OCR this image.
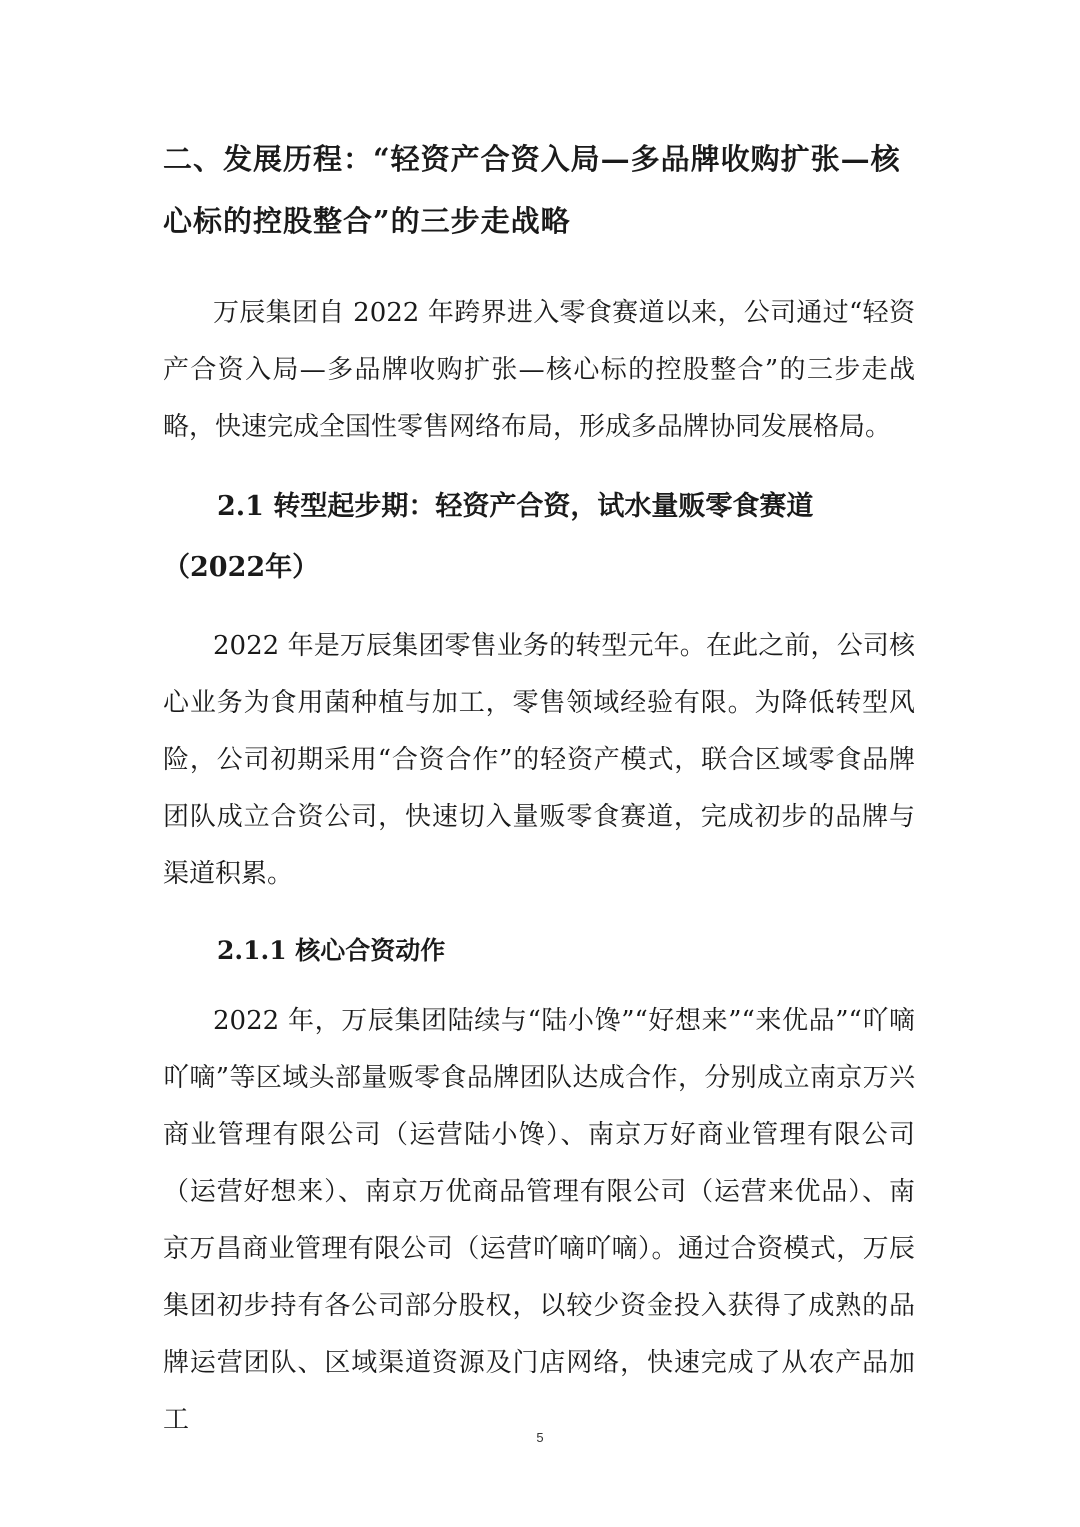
二、发展历程：“轻资产合资入局—多品牌收购扩张—核心标的控股整合”的三步走战略

万辰集团自 2022 年跨界进入零食赛道以来，公司通过“轻资产合资入局—多品牌收购扩张—核心标的控股整合”的三步走战略，快速完成全国性零售网络布局，形成多品牌协同发展格局。

2.1 转型起步期：轻资产合资，试水量贩零食赛道（2022年）

2022 年是万辰集团零售业务的转型元年。在此之前，公司核心业务为食用菌种植与加工，零售领域经验有限。为降低转型风险，公司初期采用“合资合作”的轻资产模式，联合区域零食品牌团队成立合资公司，快速切入量贩零食赛道，完成初步的品牌与渠道积累。

2.1.1 核心合资动作

2022 年，万辰集团陆续与“陆小馋”“好想来”“来优品”“吖嘀吖嘀”等区域头部量贩零食品牌团队达成合作，分别成立南京万兴商业管理有限公司（运营陆小馋）、南京万好商业管理有限公司（运营好想来）、南京万优商品管理有限公司（运营来优品）、南京万昌商业管理有限公司（运营吖嘀吖嘀）。通过合资模式，万辰集团初步持有各公司部分股权，以较少资金投入获得了成熟的品牌运营团队、区域渠道资源及门店网络，快速完成了从农产品加工

5
